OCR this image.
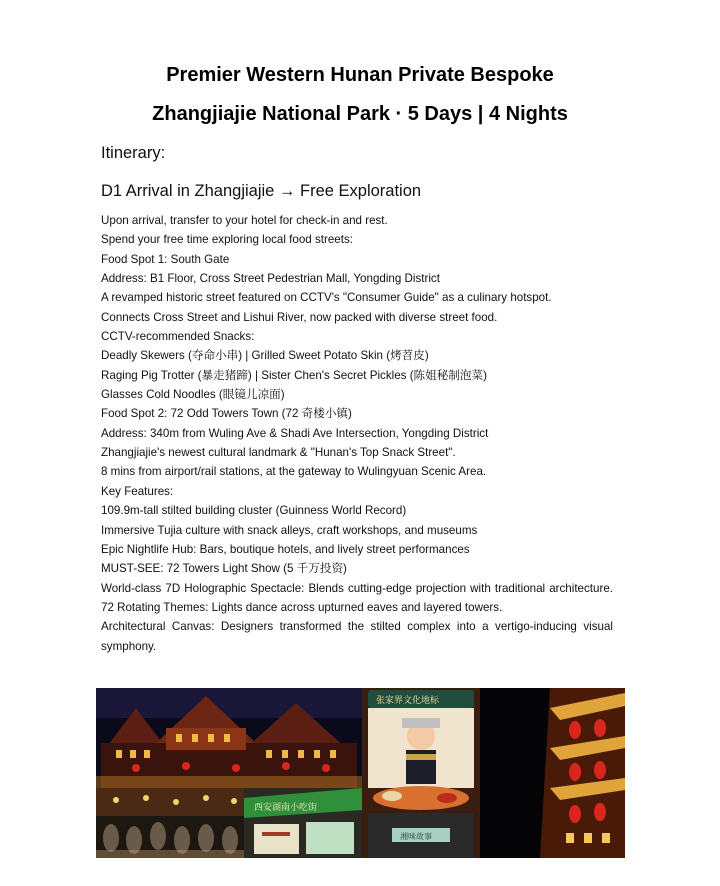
Premier Western Hunan Private Bespoke
Zhangjiajie National Park · 5 Days | 4 Nights
Itinerary:
D1 Arrival in Zhangjiajie → Free Exploration
Upon arrival, transfer to your hotel for check-in and rest.
Spend your free time exploring local food streets:
Food Spot 1: South Gate
Address: B1 Floor, Cross Street Pedestrian Mall, Yongding District
A revamped historic street featured on CCTV's "Consumer Guide" as a culinary hotspot.
Connects Cross Street and Lishui River, now packed with diverse street food.
CCTV-recommended Snacks:
Deadly Skewers (夺命小串) | Grilled Sweet Potato Skin (烤苕皮)
Raging Pig Trotter (暴走猪蹄) | Sister Chen's Secret Pickles (陈姐秘制泡菜)
Glasses Cold Noodles (眼镜儿凉面)
Food Spot 2: 72 Odd Towers Town (72 奇楼小镇)
Address: 340m from Wuling Ave & Shadi Ave Intersection, Yongding District
Zhangjiajie's newest cultural landmark & "Hunan's Top Snack Street".
8 mins from airport/rail stations, at the gateway to Wulingyuan Scenic Area.
Key Features:
109.9m-tall stilted building cluster (Guinness World Record)
Immersive Tujia culture with snack alleys, craft workshops, and museums
Epic Nightlife Hub: Bars, boutique hotels, and lively street performances
MUST-SEE: 72 Towers Light Show (5 千万投资)
World-class 7D Holographic Spectacle: Blends cutting-edge projection with traditional architecture.
72 Rotating Themes: Lights dance across upturned eaves and layered towers.
Architectural Canvas: Designers transformed the stilted complex into a vertigo-inducing visual symphony.
西安湖南小吃街
张家界文化地标
湘味故事
